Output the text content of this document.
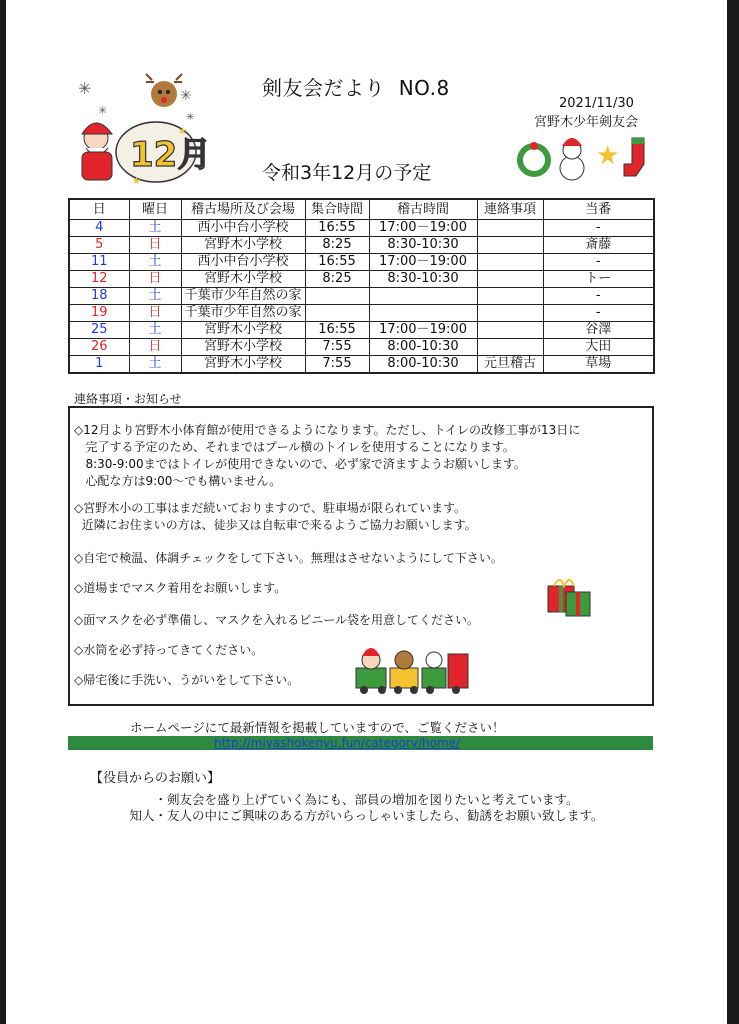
✳
✳
✳
✳
12月
★
★
剣友会だより  NO.8
2021/11/30
宮野木少年剣友会
令和3年12月の予定
★
日	曜日	稽古場所及び会場	集合時間	稽古時間	連絡事項	当番
4	土	西小中台小学校	16:55	17:00－19:00		-
5	日	宮野木小学校	8:25	8:30-10:30		斎藤
11	土	西小中台小学校	16:55	17:00－19:00		-
12	日	宮野木小学校	8:25	8:30-10:30		トー
18	土	千葉市少年自然の家				-
19	日	千葉市少年自然の家				-
25	土	宮野木小学校	16:55	17:00－19:00		谷澤
26	日	宮野木小学校	7:55	8:00-10:30		大田
1	土	宮野木小学校	7:55	8:00-10:30	元旦稽古	草場
連絡事項・お知らせ

◇12月より宮野木小体育館が使用できるようになります。ただし、トイレの改修工事が13日に
完了する予定のため、それまではプール横のトイレを使用することになります。
8:30-9:00まではトイレが使用できないので、必ず家で済ますようお願いします。
心配な方は9:00～でも構いません。

◇宮野木小の工事はまだ続いておりますので、駐車場が限られています。
近隣にお住まいの方は、徒歩又は自転車で来るようご協力お願いします。

◇自宅で検温、体調チェックをして下さい。無理はさせないようにして下さい。

◇道場までマスク着用をお願いします。

◇面マスクを必ず準備し、マスクを入れるビニール袋を用意してください。

◇水筒を必ず持ってきてください。

◇帰宅後に手洗い、うがいをして下さい。

ホームページにて最新情報を掲載していますので、ご覧ください！
http://miyashokenyu.fun/category/home/
【役員からのお願い】
・剣友会を盛り上げていく為にも、部員の増加を図りたいと考えています。
知人・友人の中にご興味のある方がいらっしゃいましたら、勧誘をお願い致します。
